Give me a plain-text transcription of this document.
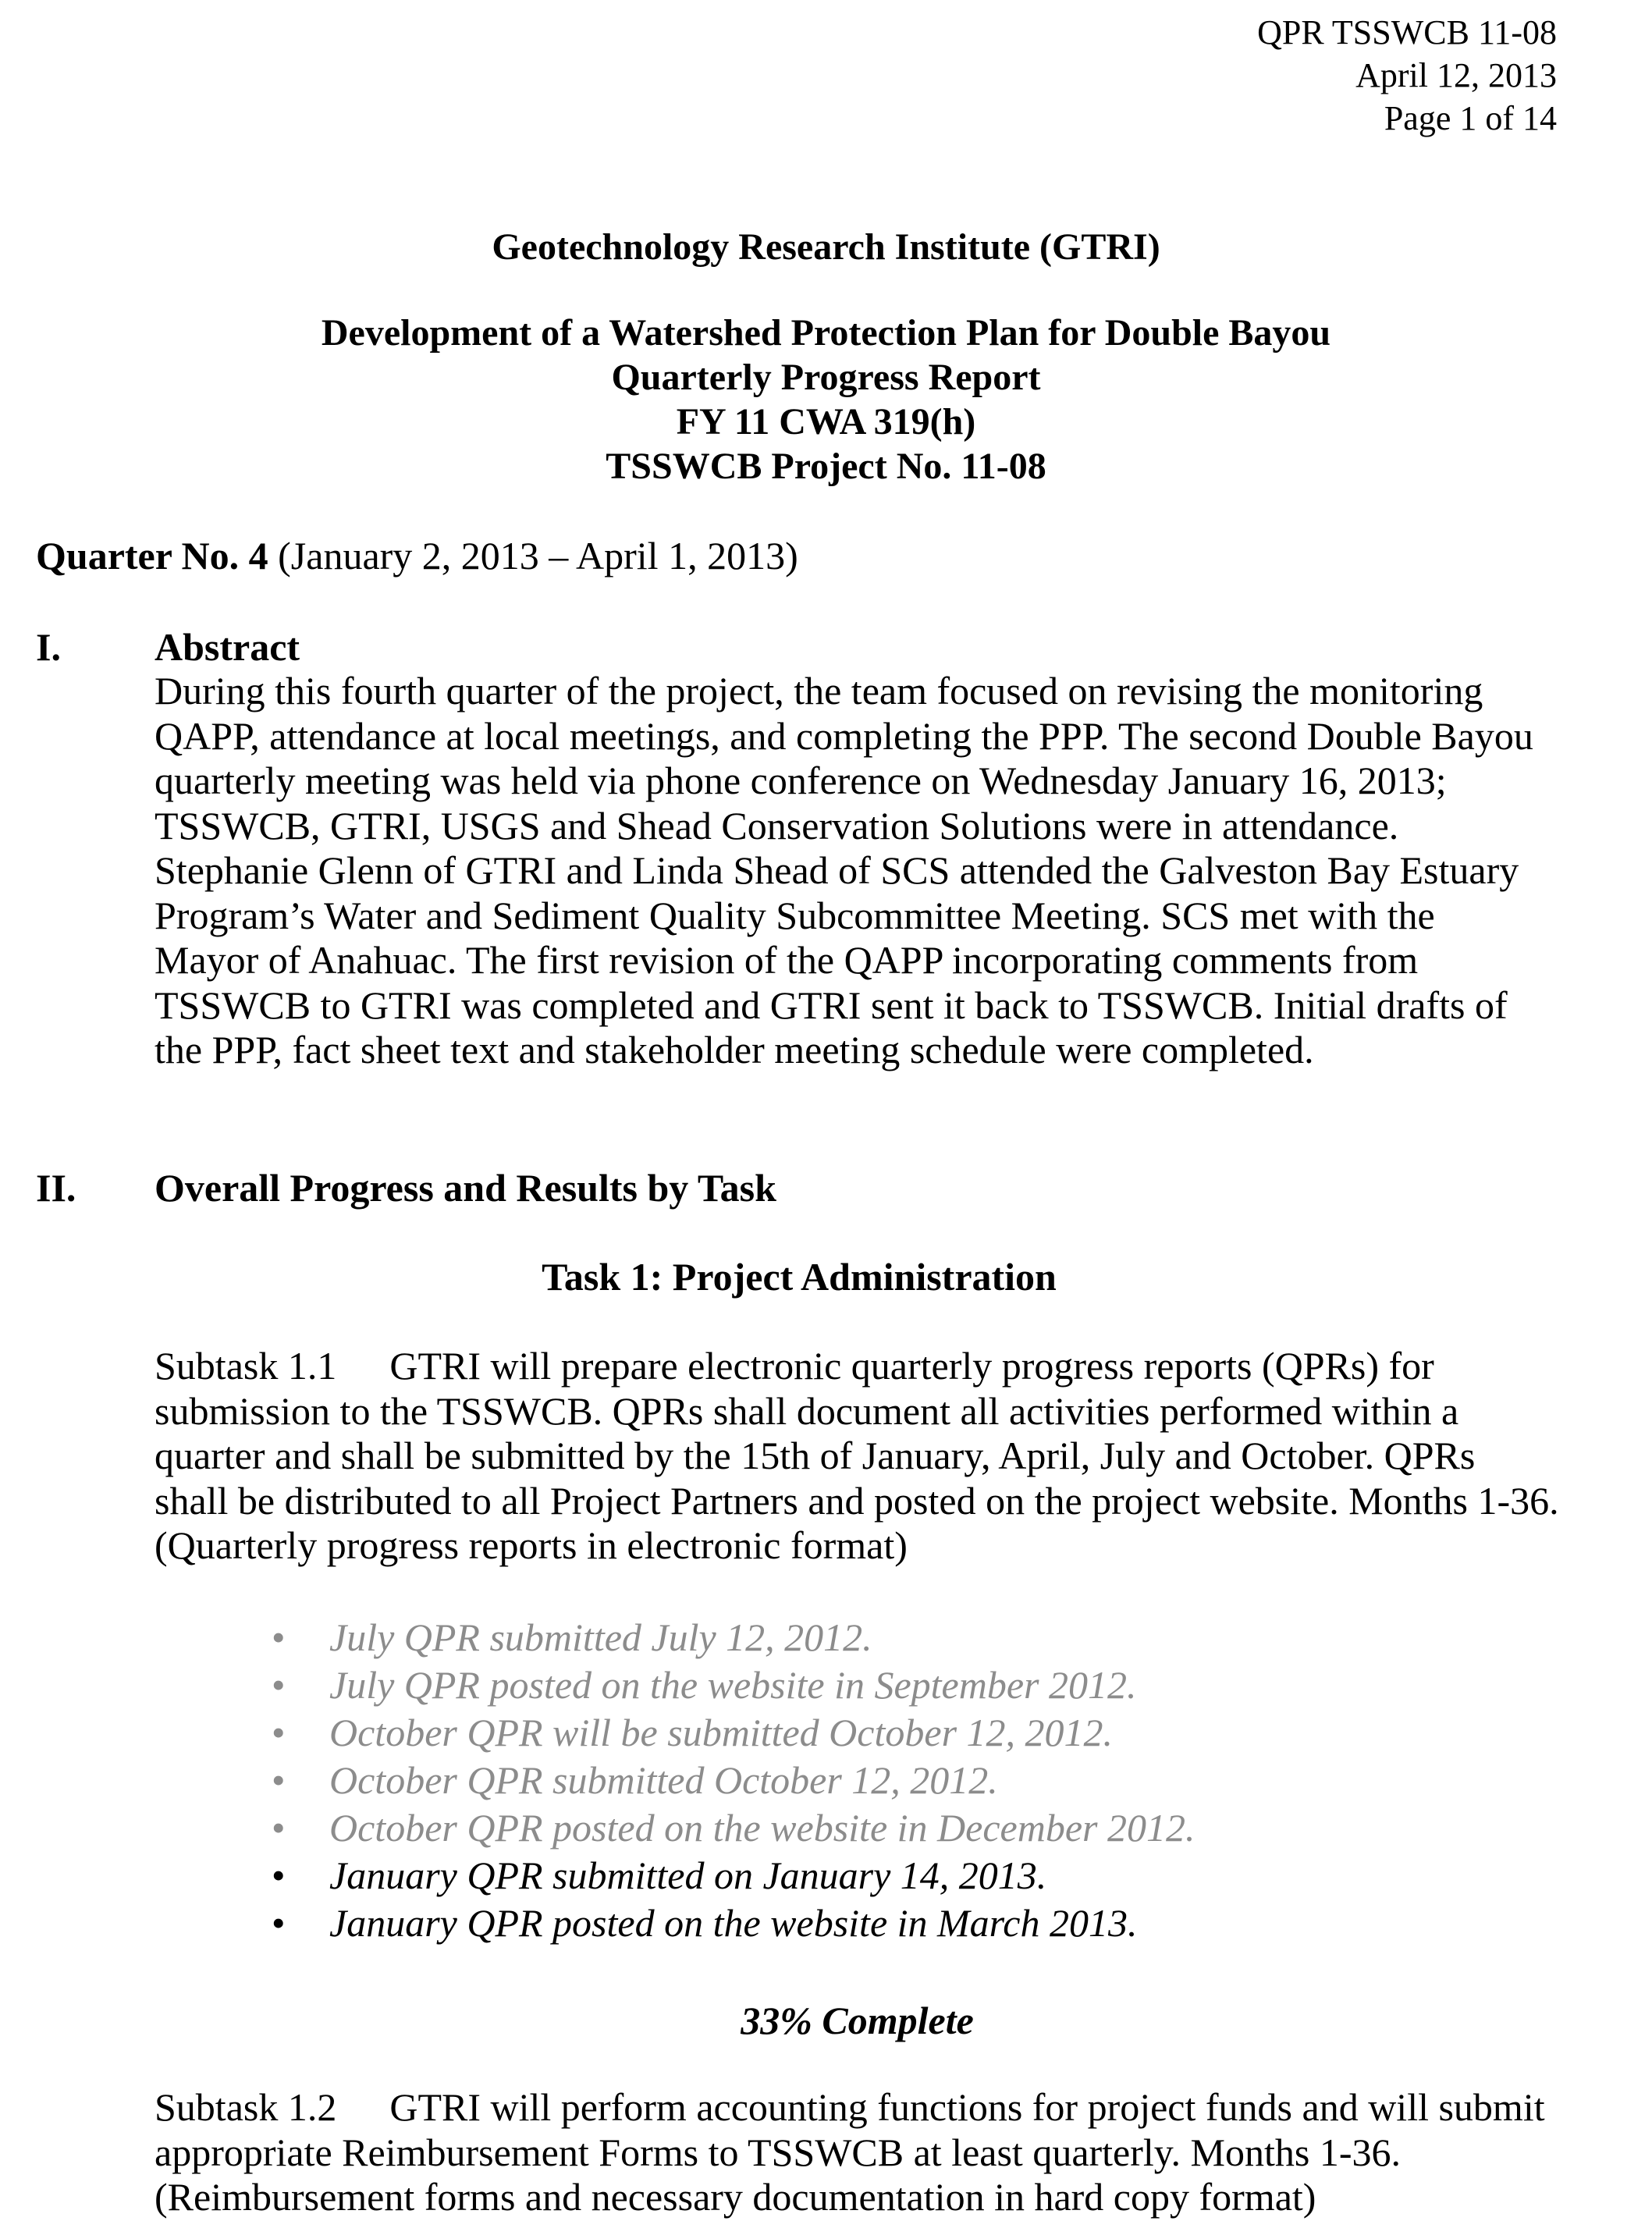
QPR TSSWCB 11-08
April 12, 2013
Page 1 of 14
Geotechnology Research Institute (GTRI)
Development of a Watershed Protection Plan for Double Bayou
Quarterly Progress Report
FY 11 CWA 319(h)
TSSWCB Project No. 11-08
Quarter No. 4 (January 2, 2013 – April 1, 2013)
I. Abstract
During this fourth quarter of the project, the team focused on revising the monitoring
QAPP, attendance at local meetings, and completing the PPP. The second Double Bayou
quarterly meeting was held via phone conference on Wednesday January 16, 2013;
TSSWCB, GTRI, USGS and Shead Conservation Solutions were in attendance.
Stephanie Glenn of GTRI and Linda Shead of SCS attended the Galveston Bay Estuary
Program’s Water and Sediment Quality Subcommittee Meeting. SCS met with the
Mayor of Anahuac. The first revision of the QAPP incorporating comments from
TSSWCB to GTRI was completed and GTRI sent it back to TSSWCB. Initial drafts of
the PPP, fact sheet text and stakeholder meeting schedule were completed.
II. Overall Progress and Results by Task
Task 1: Project Administration
Subtask 1.1 GTRI will prepare electronic quarterly progress reports (QPRs) for
submission to the TSSWCB. QPRs shall document all activities performed within a
quarter and shall be submitted by the 15th of January, April, July and October. QPRs
shall be distributed to all Project Partners and posted on the project website. Months 1-36.
(Quarterly progress reports in electronic format)
• July QPR submitted July 12, 2012.
• July QPR posted on the website in September 2012.
• October QPR will be submitted October 12, 2012.
• October QPR submitted October 12, 2012.
• October QPR posted on the website in December 2012.
• January QPR submitted on January 14, 2013.
• January QPR posted on the website in March 2013.
33% Complete
Subtask 1.2 GTRI will perform accounting functions for project funds and will submit
appropriate Reimbursement Forms to TSSWCB at least quarterly. Months 1-36.
(Reimbursement forms and necessary documentation in hard copy format)
